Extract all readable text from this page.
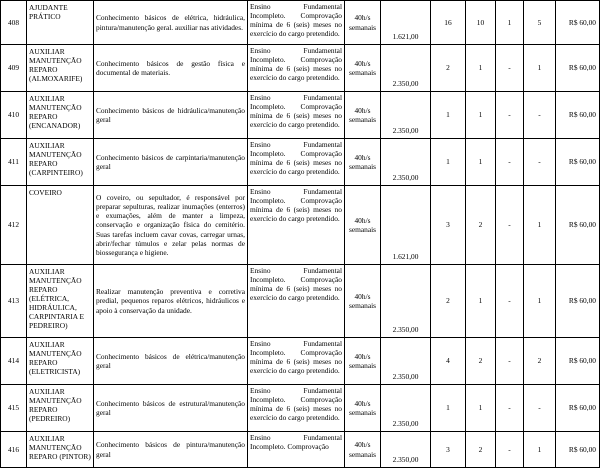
408	AJUDANTE PRÁTICO	Conhecimento básicos de elétrica, hidráulica, pintura/manutenção geral. auxiliar nas atividades.	Ensino Fundamental Incompleto. Comprovação mínima de 6 (seis) meses no exercício do cargo pretendido.	40h/s semanais	1.621,00	16	10	1	5	R$ 60,00
409	AUXILIAR MANUTENÇÃO REPARO (ALMOXARIFE)	Conhecimento básicos de gestão física e documental de materiais.	Ensino Fundamental Incompleto. Comprovação mínima de 6 (seis) meses no exercício do cargo pretendido.	40h/s semanais	2.350,00	2	1	-	1	R$ 60,00
410	AUXILIAR MANUTENÇÃO REPARO (ENCANADOR)	Conhecimento básicos de hidráulica/manutenção geral	Ensino Fundamental Incompleto. Comprovação mínima de 6 (seis) meses no exercício do cargo pretendido.	40h/s semanais	2.350,00	1	1	-	-	R$ 60,00
411	AUXILIAR MANUTENÇÃO REPARO (CARPINTEIRO)	Conhecimento básicos de carpintaria/manutenção geral	Ensino Fundamental Incompleto. Comprovação mínima de 6 (seis) meses no exercício do cargo pretendido.	40h/s semanais	2.350,00	1	1	-	-	R$ 60,00
412	COVEIRO	O coveiro, ou sepultador, é responsável por preparar sepulturas, realizar inumações (enterros) e exumações, além de manter a limpeza, conservação e organização física do cemitério. Suas tarefas incluem cavar covas, carregar urnas, abrir/fechar túmulos e zelar pelas normas de biossegurança e higiene.	Ensino Fundamental Incompleto. Comprovação mínima de 6 (seis) meses no exercício do cargo pretendido.	40h/s semanais	1.621,00	3	2	-	1	R$ 60,00
413	AUXILIAR MANUTENÇÃO REPARO (ELÉTRICA, HIDRÁULICA, CARPINTARIA E PEDREIRO)	Realizar manutenção preventiva e corretiva predial, pequenos reparos elétricos, hidráulicos e apoio à conservação da unidade.	Ensino Fundamental Incompleto. Comprovação mínima de 6 (seis) meses no exercício do cargo pretendido.	40h/s semanais	2.350,00	2	1	-	1	R$ 60,00
414	AUXILIAR MANUTENÇÃO REPARO (ELETRICISTA)	Conhecimento básicos de elétrica/manutenção geral	Ensino Fundamental Incompleto. Comprovação mínima de 6 (seis) meses no exercício do cargo pretendido.	40h/s semanais	2.350,00	4	2	-	2	R$ 60,00
415	AUXILIAR MANUTENÇÃO REPARO (PEDREIRO)	Conhecimento básicos de estrutural/manutenção geral	Ensino Fundamental Incompleto. Comprovação mínima de 6 (seis) meses no exercício do cargo pretendido.	40h/s semanais	2.350,00	1	1	-	-	R$ 60,00
416	AUXILIAR MANUTENÇÃO REPARO (PINTOR)	Conhecimento básicos de pintura/manutenção geral	Ensino Fundamental Incompleto. Comprovação	40h/s semanais	2.350,00	3	2	-	1	R$ 60,00
